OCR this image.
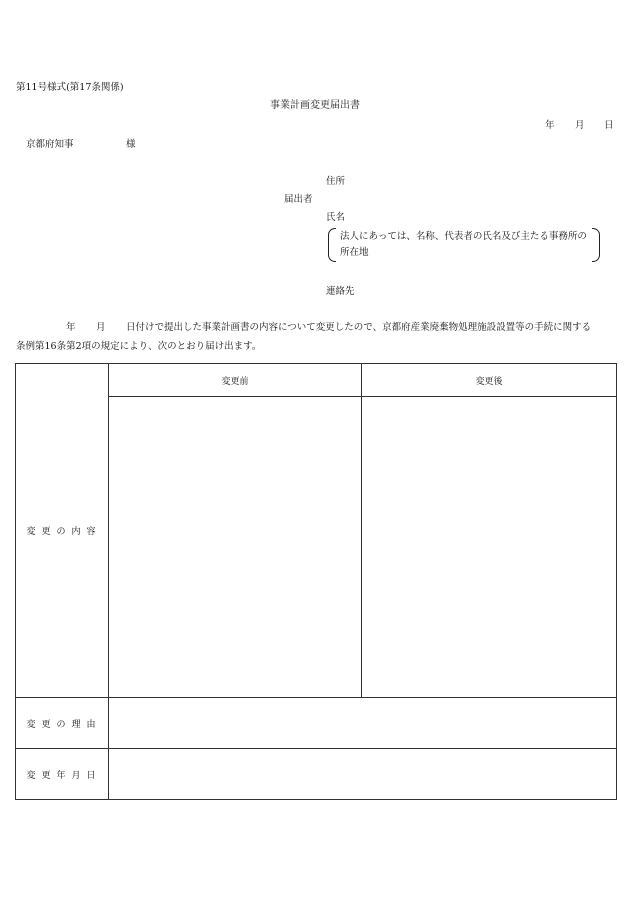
第11号様式(第17条関係)
事業計画変更届出書
年 月 日
京都府知事	様
住所
届出者
氏名
法人にあっては、名称、代表者の氏名及び主たる事務所の
所在地
連絡先
年 月 日付けで提出した事業計画書の内容について変更したので、京都府産業廃棄物処理施設設置等の手続に関する
条例第16条第2項の規定により、次のとおり届け出ます。
変更の内容	変更前	変更後

変更の理由		
変更年月日		
